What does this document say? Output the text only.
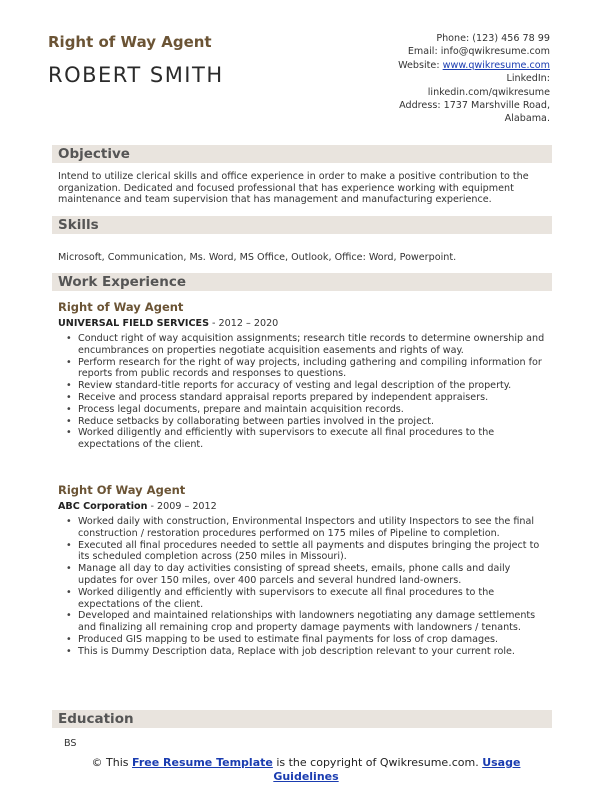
Right of Way Agent
ROBERT SMITH
Phone: (123) 456 78 99
Email: info@qwikresume.com
Website: www.qwikresume.com
LinkedIn:
linkedin.com/qwikresume
Address: 1737 Marshville Road,
Alabama.
Objective
Intend to utilize clerical skills and office experience in order to make a positive contribution to the organization. Dedicated and focused professional that has experience working with equipment maintenance and team supervision that has management and manufacturing experience.
Skills
Microsoft, Communication, Ms. Word, MS Office, Outlook, Office: Word, Powerpoint.
Work Experience
Right of Way Agent
UNIVERSAL FIELD SERVICES - 2012 – 2020
• Conduct right of way acquisition assignments; research title records to determine ownership and encumbrances on properties negotiate acquisition easements and rights of way.
• Perform research for the right of way projects, including gathering and compiling information for reports from public records and responses to questions.
• Review standard-title reports for accuracy of vesting and legal description of the property.
• Receive and process standard appraisal reports prepared by independent appraisers.
• Process legal documents, prepare and maintain acquisition records.
• Reduce setbacks by collaborating between parties involved in the project.
• Worked diligently and efficiently with supervisors to execute all final procedures to the expectations of the client.
Right Of Way Agent
ABC Corporation - 2009 – 2012
• Worked daily with construction, Environmental Inspectors and utility Inspectors to see the final construction / restoration procedures performed on 175 miles of Pipeline to completion.
• Executed all final procedures needed to settle all payments and disputes bringing the project to its scheduled completion across (250 miles in Missouri).
• Manage all day to day activities consisting of spread sheets, emails, phone calls and daily updates for over 150 miles, over 400 parcels and several hundred land-owners.
• Worked diligently and efficiently with supervisors to execute all final procedures to the expectations of the client.
• Developed and maintained relationships with landowners negotiating any damage settlements and finalizing all remaining crop and property damage payments with landowners / tenants.
• Produced GIS mapping to be used to estimate final payments for loss of crop damages.
• This is Dummy Description data, Replace with job description relevant to your current role.
Education
BS
© This Free Resume Template is the copyright of Qwikresume.com. Usage
Guidelines
